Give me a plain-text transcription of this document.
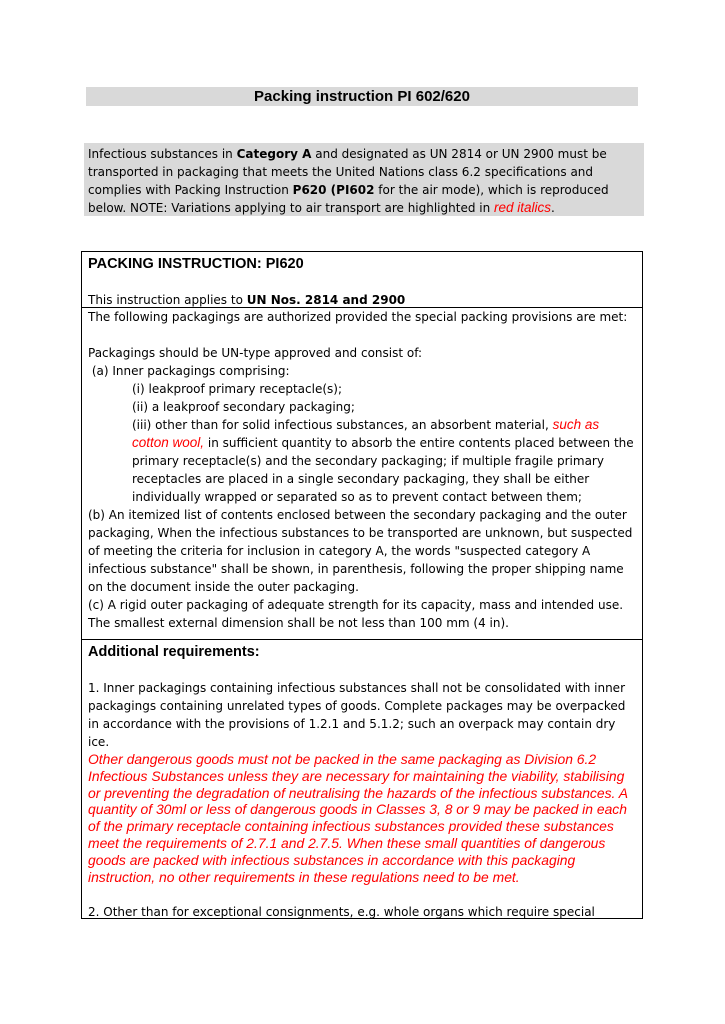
Packing instruction PI 602/620
Infectious substances in Category A and designated as UN 2814 or UN 2900 must be transported in packaging that meets the United Nations class 6.2 specifications and complies with Packing Instruction P620 (PI602 for the air mode), which is reproduced below. NOTE: Variations applying to air transport are highlighted in red italics.
PACKING INSTRUCTION: PI620

This instruction applies to UN Nos. 2814 and 2900

The following packagings are authorized provided the special packing provisions are met:

Packagings should be UN-type approved and consist of:

(a) Inner packagings comprising:

(i) leakproof primary receptacle(s);

(ii) a leakproof secondary packaging;

(iii) other than for solid infectious substances, an absorbent material, such as cotton wool, in sufficient quantity to absorb the entire contents placed between the primary receptacle(s) and the secondary packaging; if multiple fragile primary receptacles are placed in a single secondary packaging, they shall be either individually wrapped or separated so as to prevent contact between them;

(b) An itemized list of contents enclosed between the secondary packaging and the outer packaging, When the infectious substances to be transported are unknown, but suspected of meeting the criteria for inclusion in category A, the words "suspected category A infectious substance" shall be shown, in parenthesis, following the proper shipping name on the document inside the outer packaging.

(c) A rigid outer packaging of adequate strength for its capacity, mass and intended use. The smallest external dimension shall be not less than 100 mm (4 in).

Additional requirements:

1. Inner packagings containing infectious substances shall not be consolidated with inner packagings containing unrelated types of goods. Complete packages may be overpacked in accordance with the provisions of 1.2.1 and 5.1.2; such an overpack may contain dry ice.

Other dangerous goods must not be packed in the same packaging as Division 6.2 Infectious Substances unless they are necessary for maintaining the viability, stabilising or preventing the degradation of neutralising the hazards of the infectious substances. A quantity of 30ml or less of dangerous goods in Classes 3, 8 or 9 may be packed in each of the primary receptacle containing infectious substances provided these substances meet the requirements of 2.7.1 and 2.7.5. When these small quantities of dangerous goods are packed with infectious substances in accordance with this packaging instruction, no other requirements in these regulations need to be met.

2. Other than for exceptional consignments, e.g. whole organs which require special
